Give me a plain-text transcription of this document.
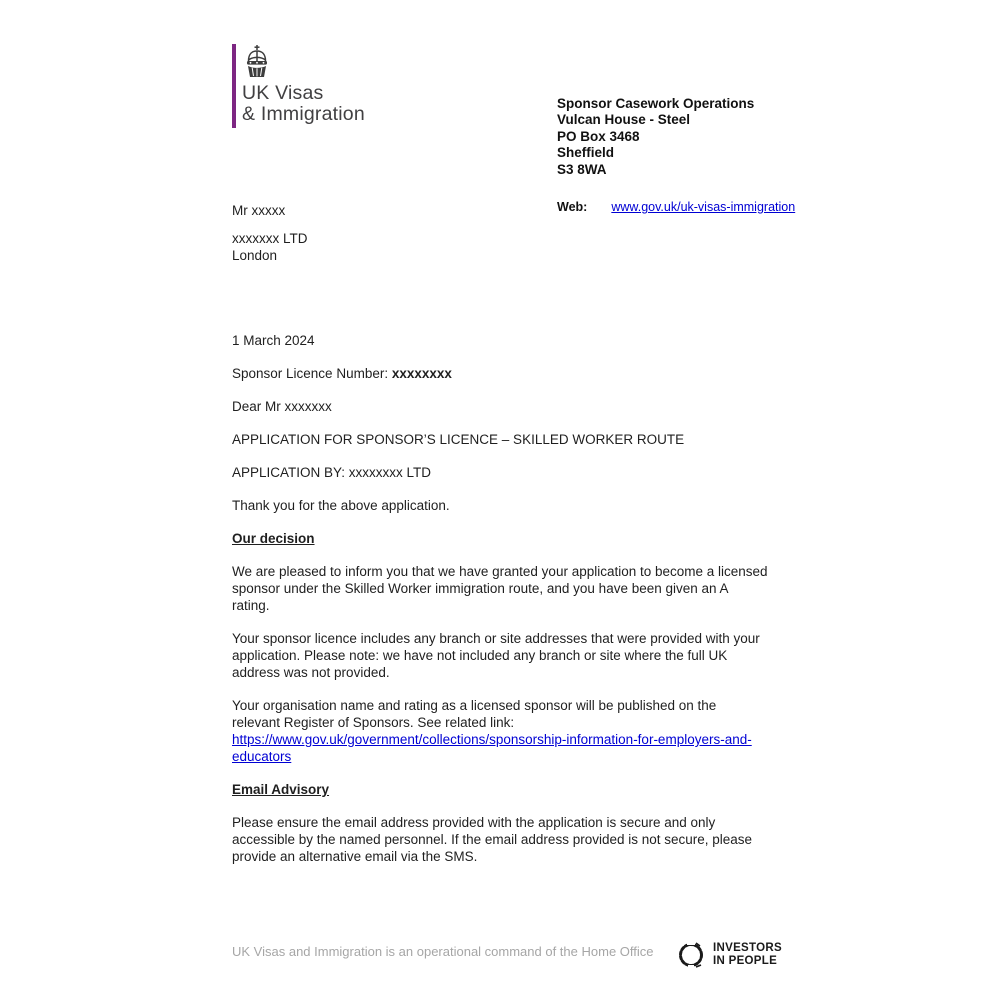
UK Visas
& Immigration	Sponsor Casework Operations
Vulcan House - Steel
PO Box 3468
Sheffield
S3 8WA
Web: www.gov.uk/uk-visas-immigration
Mr xxxxx
xxxxxxx LTD
London

1 March 2024

Sponsor Licence Number: xxxxxxxx

Dear Mr xxxxxxx

APPLICATION FOR SPONSOR’S LICENCE – SKILLED WORKER ROUTE

APPLICATION BY: xxxxxxxx LTD

Thank you for the above application.

Our decision

We are pleased to inform you that we have granted your application to become a licensed sponsor under the Skilled Worker immigration route, and you have been given an A rating.

Your sponsor licence includes any branch or site addresses that were provided with your application. Please note: we have not included any branch or site where the full UK address was not provided.

Your organisation name and rating as a licensed sponsor will be published on the relevant Register of Sponsors. See related link:
https://www.gov.uk/government/collections/sponsorship-information-for-employers-and-educators

Email Advisory

Please ensure the email address provided with the application is secure and only accessible by the named personnel. If the email address provided is not secure, please provide an alternative email via the SMS.

UK Visas and Immigration is an operational command of the Home Office	INVESTORS
IN PEOPLE
